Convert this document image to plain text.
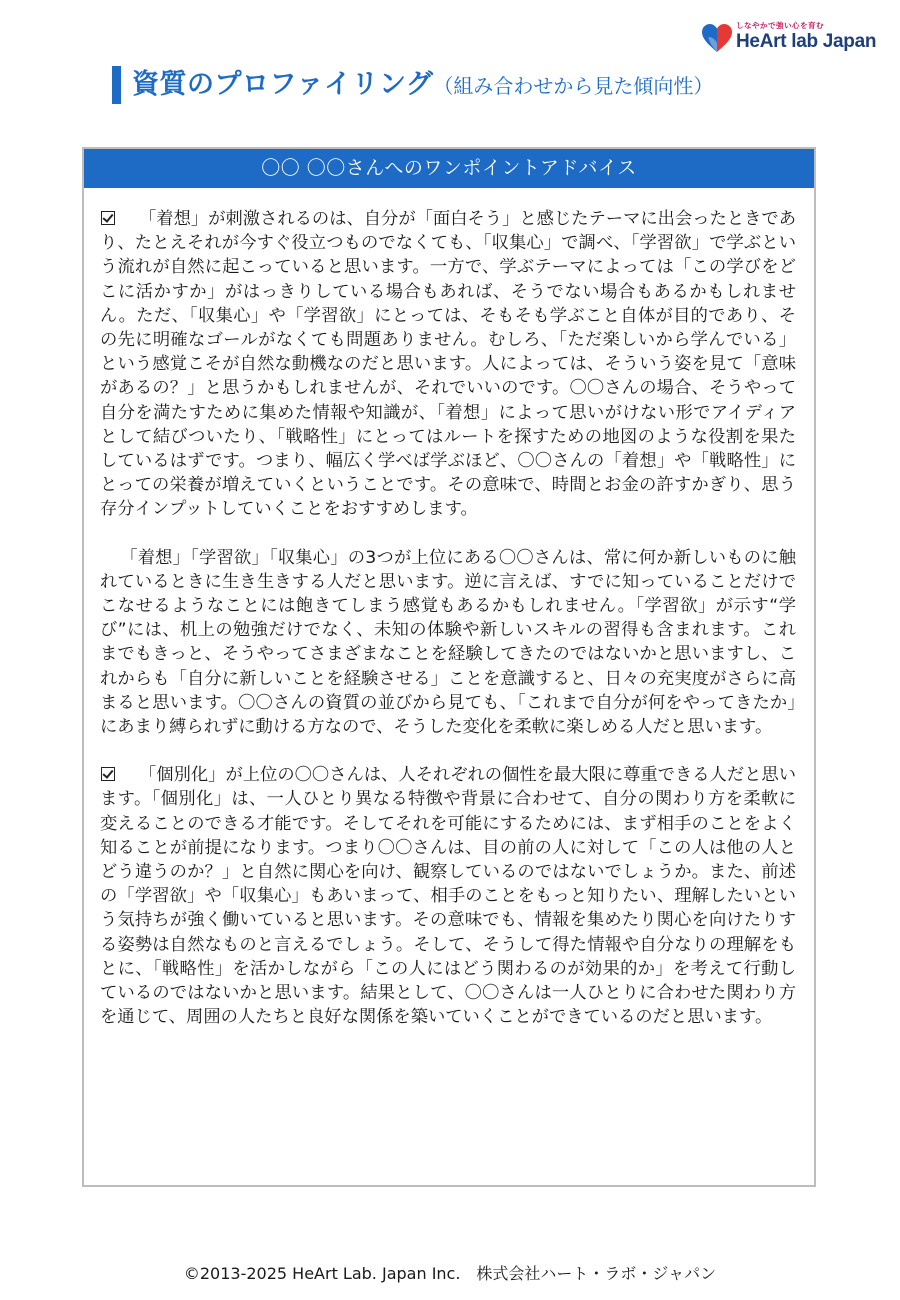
しなやかで強い心を育む
HeArt lab Japan
資質のプロファイリング（組み合わせから見た傾向性）
〇〇 〇〇さんへのワンポイントアドバイス

「着想」が刺激されるのは、自分が「面白そう」と感じたテーマに出会ったときであり、たとえそれが今すぐ役立つものでなくても、「収集心」で調べ、「学習欲」で学ぶという流れが自然に起こっていると思います。一方で、学ぶテーマによっては「この学びをどこに活かすか」がはっきりしている場合もあれば、そうでない場合もあるかもしれません。ただ、「収集心」や「学習欲」にとっては、そもそも学ぶこと自体が目的であり、その先に明確なゴールがなくても問題ありません。むしろ、「ただ楽しいから学んでいる」という感覚こそが自然な動機なのだと思います。人によっては、そういう姿を見て「意味があるの？」と思うかもしれませんが、それでいいのです。〇〇さんの場合、そうやって自分を満たすために集めた情報や知識が、「着想」によって思いがけない形でアイディアとして結びついたり、「戦略性」にとってはルートを探すための地図のような役割を果たしているはずです。つまり、幅広く学べば学ぶほど、〇〇さんの「着想」や「戦略性」にとっての栄養が増えていくということです。その意味で、時間とお金の許すかぎり、思う存分インプットしていくことをおすすめします。

「着想」「学習欲」「収集心」の3つが上位にある〇〇さんは、常に何か新しいものに触れているときに生き生きする人だと思います。逆に言えば、すでに知っていることだけでこなせるようなことには飽きてしまう感覚もあるかもしれません。「学習欲」が示す“学び”には、机上の勉強だけでなく、未知の体験や新しいスキルの習得も含まれます。これまでもきっと、そうやってさまざまなことを経験してきたのではないかと思いますし、これからも「自分に新しいことを経験させる」ことを意識すると、日々の充実度がさらに高まると思います。〇〇さんの資質の並びから見ても、「これまで自分が何をやってきたか」にあまり縛られずに動ける方なので、そうした変化を柔軟に楽しめる人だと思います。

「個別化」が上位の〇〇さんは、人それぞれの個性を最大限に尊重できる人だと思います。「個別化」は、一人ひとり異なる特徴や背景に合わせて、自分の関わり方を柔軟に変えることのできる才能です。そしてそれを可能にするためには、まず相手のことをよく知ることが前提になります。つまり〇〇さんは、目の前の人に対して「この人は他の人とどう違うのか？」と自然に関心を向け、観察しているのではないでしょうか。また、前述の「学習欲」や「収集心」もあいまって、相手のことをもっと知りたい、理解したいという気持ちが強く働いていると思います。その意味でも、情報を集めたり関心を向けたりする姿勢は自然なものと言えるでしょう。そして、そうして得た情報や自分なりの理解をもとに、「戦略性」を活かしながら「この人にはどう関わるのが効果的か」を考えて行動しているのではないかと思います。結果として、〇〇さんは一人ひとりに合わせた関わり方を通じて、周囲の人たちと良好な関係を築いていくことができているのだと思います。

©2013-2025 HeArt Lab. Japan Inc.　株式会社ハート・ラボ・ジャパン
